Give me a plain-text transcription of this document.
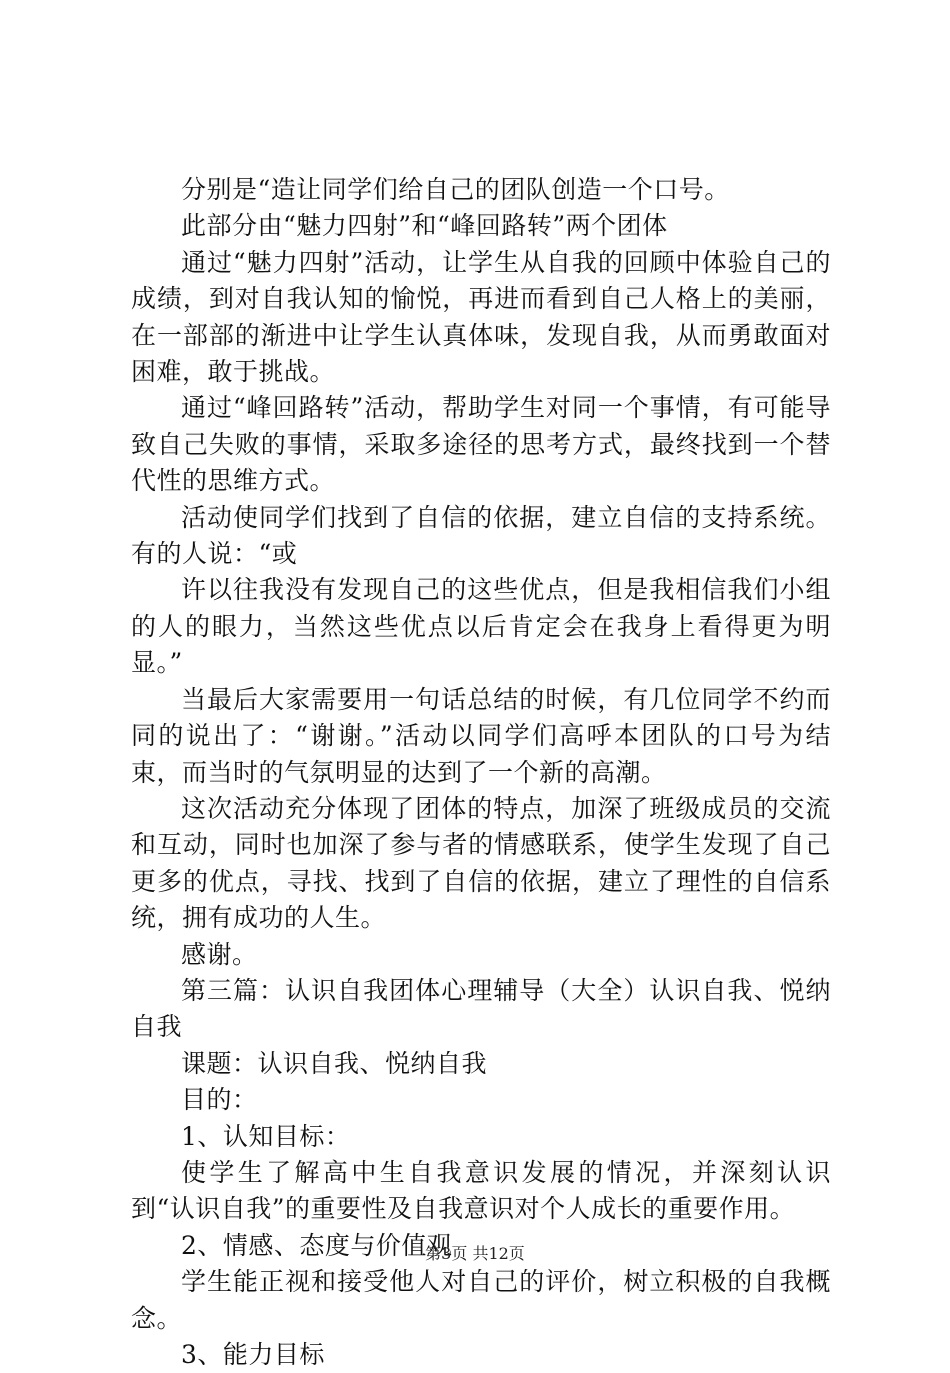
分别是“造让同学们给自己的团队创造一个口号。

此部分由“魅力四射”和“峰回路转”两个团体

通过“魅力四射”活动，让学生从自我的回顾中体验自己的成绩，到对自我认知的愉悦，再进而看到自己人格上的美丽，在一部部的渐进中让学生认真体味，发现自我，从而勇敢面对困难，敢于挑战。

通过“峰回路转”活动，帮助学生对同一个事情，有可能导致自己失败的事情，采取多途径的思考方式，最终找到一个替代性的思维方式。

活动使同学们找到了自信的依据，建立自信的支持系统。有的人说：“或

许以往我没有发现自己的这些优点，但是我相信我们小组的人的眼力，当然这些优点以后肯定会在我身上看得更为明显。”

当最后大家需要用一句话总结的时候，有几位同学不约而同的说出了：“谢谢。”活动以同学们高呼本团队的口号为结束，而当时的气氛明显的达到了一个新的高潮。

这次活动充分体现了团体的特点，加深了班级成员的交流和互动，同时也加深了参与者的情感联系，使学生发现了自己更多的优点，寻找、找到了自信的依据，建立了理性的自信系统，拥有成功的人生。

感谢。

第三篇：认识自我团体心理辅导（大全）认识自我、悦纳自我

课题：认识自我、悦纳自我

目的：

1、认知目标：

使学生了解高中生自我意识发展的情况，并深刻认识到“认识自我”的重要性及自我意识对个人成长的重要作用。

2、情感、态度与价值观

学生能正视和接受他人对自己的评价，树立积极的自我概念。

3、能力目标

第3页 共12页
